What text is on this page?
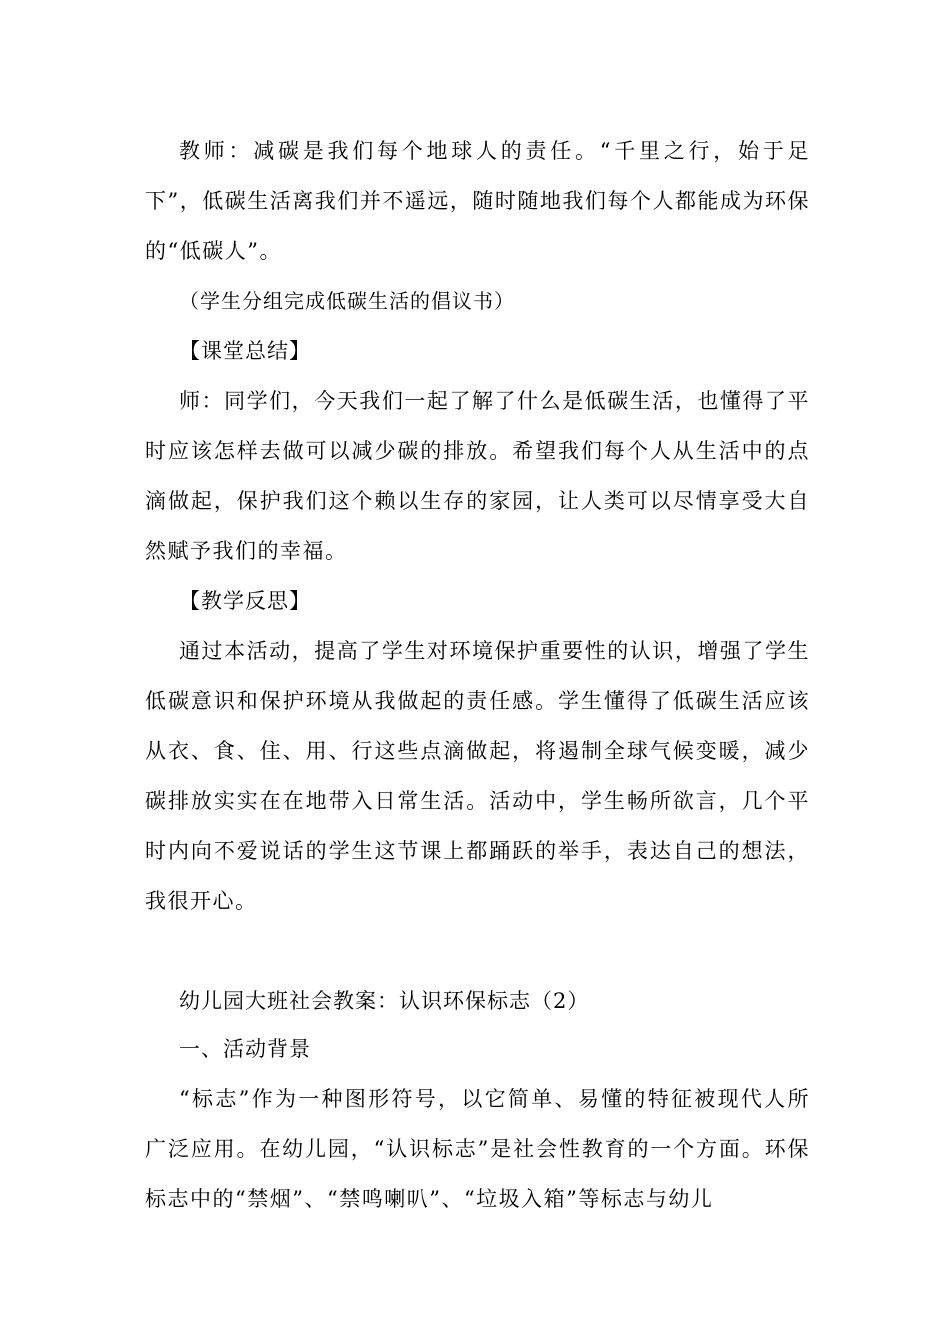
教师：减碳是我们每个地球人的责任。“千里之行，始于足下”，低碳生活离我们并不遥远，随时随地我们每个人都能成为环保的“低碳人”。

（学生分组完成低碳生活的倡议书）

【课堂总结】

师：同学们，今天我们一起了解了什么是低碳生活，也懂得了平时应该怎样去做可以减少碳的排放。希望我们每个人从生活中的点滴做起，保护我们这个赖以生存的家园，让人类可以尽情享受大自然赋予我们的幸福。

【教学反思】

通过本活动，提高了学生对环境保护重要性的认识，增强了学生低碳意识和保护环境从我做起的责任感。学生懂得了低碳生活应该从衣、食、住、用、行这些点滴做起，将遏制全球气候变暖，减少碳排放实实在在地带入日常生活。活动中，学生畅所欲言，几个平时内向不爱说话的学生这节课上都踊跃的举手，表达自己的想法，我很开心。

幼儿园大班社会教案：认识环保标志（2）

一、活动背景

“标志”作为一种图形符号，以它简单、易懂的特征被现代人所广泛应用。在幼儿园，“认识标志”是社会性教育的一个方面。环保标志中的“禁烟”、“禁鸣喇叭”、“垃圾入箱”等标志与幼儿
